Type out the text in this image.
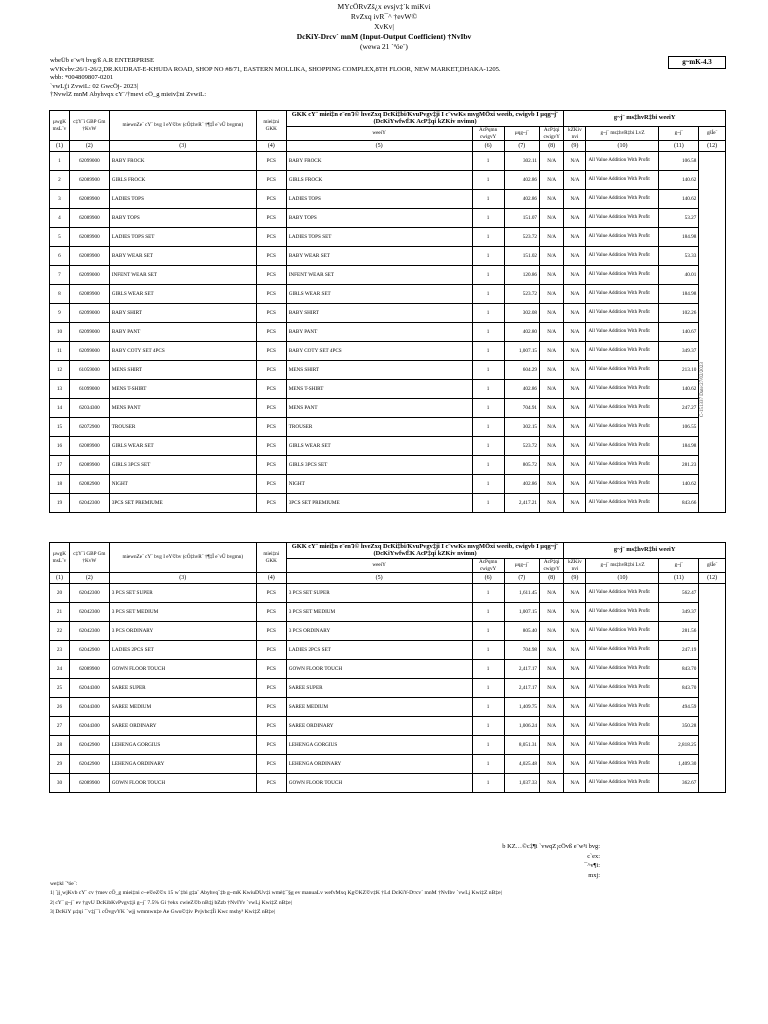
MYcÖRvZš¿x evsjv‡`k miKvi
RvZxq ivR¯^ †evW©
XvKv|
DcKiY-Drcv` mnM (Input-Output Coefficient) †NvIbv
(wewa 21 `ªóe¨)
g~mK-4.3
wbeÜb e¨w³i bvg/ß A.R ENTERPRISE
wVKvbv:26/1-26/2,DR.KUDRAT-E-KHUDA ROAD, SHOP NO #8/71, EASTERN MOLLIKA, SHOPPING COMPLEX,8TH FLOOR, NEW MARKET,DHAKA-1205.
wbb: *004809807-0201
`vwLj¦i ZvwiL: 02 GwcÖj- 2023|
†NvwlZ mnM Abyhvqx cY¨/†mevi cÖ_g mieiv‡ni ZvwiL:
µwgK msL¨v	c‡Y¨i GBP Gm †KvW	miewnZe¨ cY¨ bvg I eY©bv (cÖ‡hvR¨ †¶‡Î e¨vÛ bvgmn)	miei‡ni GKK	GKK cY¨ miei‡n e¨enว© hveZxq DcKi‡bi/KvuPvgv‡ji I c¨vwKs mvgMÖxi weeib, cwigvb I µqg~j¨ (DcKiYwfwËK AcP‡qi kZKiv nvimn)				g~j¨ ms‡hvR‡bi weeiY			
				weeiY	AcPqmn cwigvY	µqg~j¨	AcP‡qi cwigvY	kZKiv nvi	g~j¨ ms‡hvR‡bi LvZ	g~j¨	gšÍe¨
(1)	(2)	(3)	(4)	(5)	(6)	(7)	(8)	(9)	(10)	(11)	(12)
1	62099000	BABY FROCK	PCS	BABY FROCK	1	302.11	N/A	N/A	All Value Addition With Profit	106.58	
2	62089900	GIRLS FROCK	PCS	GIRLS FROCK	1	402.86	N/A	N/A	All Value Addition With Profit	140.62	
3	62089900	LADIES TOPS	PCS	LADIES TOPS	1	402.86	N/A	N/A	All Value Addition With Profit	140.62	
4	62089900	BABY TOPS	PCS	BABY TOPS	1	151.07	N/A	N/A	All Value Addition With Profit	53.27	
5	62089900	LADIES TOPS SET	PCS	LADIES TOPS SET	1	523.72	N/A	N/A	All Value Addition With Profit	184.98	
6	62089900	BABY WEAR SET	PCS	BABY WEAR SET	1	151.02	N/A	N/A	All Value Addition With Profit	53.33	
7	62099000	INFENT WEAR SET	PCS	INFENT WEAR SET	1	120.86	N/A	N/A	All Value Addition With Profit	40.01	
8	62089900	GIRLS WEAR SET	PCS	GIRLS WEAR SET	1	523.72	N/A	N/A	All Value Addition With Profit	184.98	
9	62099000	BABY SHIRT	PCS	BABY SHIRT	1	302.08	N/A	N/A	All Value Addition With Profit	102.26	
10	62099000	BABY PANT	PCS	BABY PANT	1	402.80	N/A	N/A	All Value Addition With Profit	140.67	
11	62099000	BABY COTY SET 4PCS	PCS	BABY COTY SET 4PCS	1	1,007.15	N/A	N/A	All Value Addition With Profit	349.37	
12	61059000	MENS SHIRT	PCS	MENS SHIRT	1	604.29	N/A	N/A	All Value Addition With Profit	213.10	
13	61099000	MENS T-SHIRT	PCS	MENS T-SHIRT	1	402.86	N/A	N/A	All Value Addition With Profit	140.62	
14	62034300	MENS PANT	PCS	MENS PANT	1	704.91	N/A	N/A	All Value Addition With Profit	247.27	
15	62072900	TROUSER	PCS	TROUSER	1	302.15	N/A	N/A	All Value Addition With Profit	106.55	
16	62089900	GIRLS WEAR SET	PCS	GIRLS WEAR SET	1	523.72	N/A	N/A	All Value Addition With Profit	184.98	
17	62089900	GIRLS 3PCS SET	PCS	GIRLS 3PCS SET	1	805.72	N/A	N/A	All Value Addition With Profit	281.23	
18	62082900	NIGHT	PCS	NIGHT	1	402.86	N/A	N/A	All Value Addition With Profit	140.62	
19	62042300	3PCS SET PREMIUME	PCS	3PCS SET PREMIUME	1	2,417.21	N/A	N/A	All Value Addition With Profit	843.66	
µwgK msL¨v	c‡Y¨i GBP Gm †KvW	miewnZe¨ cY¨ bvg I eY©bv (cÖ‡hvR¨ †¶‡Î e¨vÛ bvgmn)	miei‡ni GKK	GKK cY¨ miei‡n e¨enว© hveZxq DcKi‡bi/KvuPvgv‡ji I c¨vwKs mvgMÖxi weeib, cwigvb I µqg~j¨ (DcKiYwfwËK AcP‡qi kZKiv nvimn)				g~j¨ ms‡hvR‡bi weeiY			
				weeiY	AcPqmn cwigvY	µqg~j¨	AcP‡qi cwigvY	kZKiv nvi	g~j¨ ms‡hvR‡bi LvZ	g~j¨	gšÍe¨
(1)	(2)	(3)	(4)	(5)	(6)	(7)	(8)	(9)	(10)	(11)	(12)
20	62042300	3 PCS SET SUPER	PCS	3 PCS SET SUPER	1	1,611.45	N/A	N/A	All Value Addition With Profit	562.47	
21	62042300	3 PCS SET MEDIUM	PCS	3 PCS SET MEDIUM	1	1,007.15	N/A	N/A	All Value Addition With Profit	349.37	
22	62042300	3 PCS ORDINARY	PCS	3 PCS ORDINARY	1	805.40	N/A	N/A	All Value Addition With Profit	281.56	
23	62042900	LADIES 2PCS SET	PCS	LADIES 2PCS SET	1	704.98	N/A	N/A	All Value Addition With Profit	247.19	
24	62089900	GOWN FLOOR TOUCH	PCS	GOWN FLOOR TOUCH	1	2,417.17	N/A	N/A	All Value Addition With Profit	843.70	
25	62044300	SAREE SUPER	PCS	SAREE SUPER	1	2,417.17	N/A	N/A	All Value Addition With Profit	843.70	
26	62044300	SAREE MEDIUM	PCS	SAREE MEDIUM	1	1,409.75	N/A	N/A	All Value Addition With Profit	494.59	
27	62044300	SAREE ORDINARY	PCS	SAREE ORDINARY	1	1,006.24	N/A	N/A	All Value Addition With Profit	350.28	
28	62042900	LEHENGA GORGIUS	PCS	LEHENGA GORGIUS	1	8,051.31	N/A	N/A	All Value Addition With Profit	2,818.25	
29	62042900	LEHENGA ORDINARY	PCS	LEHENGA ORDINARY	1	4,025.48	N/A	N/A	All Value Addition With Profit	1,409.30	
30	62089900	GOWN FLOOR TOUCH	PCS	GOWN FLOOR TOUCH	1	1,037.33	N/A	N/A	All Value Addition With Profit	362.67	
C-151337 Date:27/02/2023
b KZ…©c‡¶i `vwqZ¡cÖvß e¨w³i bvg:
c`ex:
¯^v¶i:
mxj:
we‡kl `ªóe¨:
1| `jj¸wjKvb cY¨ cv †mev cÖ_g miei‡ni c~e©eZ©x 15 w`‡bi g‡a¨ Abyhvq¨‡b g~mK KwiuDUv‡i wmè‡¯§g ev manuaLv wefvMxq Kg©KZ©v‡K †Ld DcKiY-D¤cv` mnM †NvIbv `vwLj Kwi‡Z nB‡e|
2| cY¨ g~j¨ ev †gvU DcKibKvPvgv‡ji g~j¨ 7.5% Gi †ekx cwieZ©b nB‡j bZzb †NvIYv `vwLj Kwi‡Z nB‡e|
3| DcKiY µ‡qi `¨v‡j¨¨i cÖvgvYK `wjj wmmwn‡e Ae Gwu©‡iv Pvjvbc‡Îi Kwc mshy³ Kwi‡Z nB‡e|
